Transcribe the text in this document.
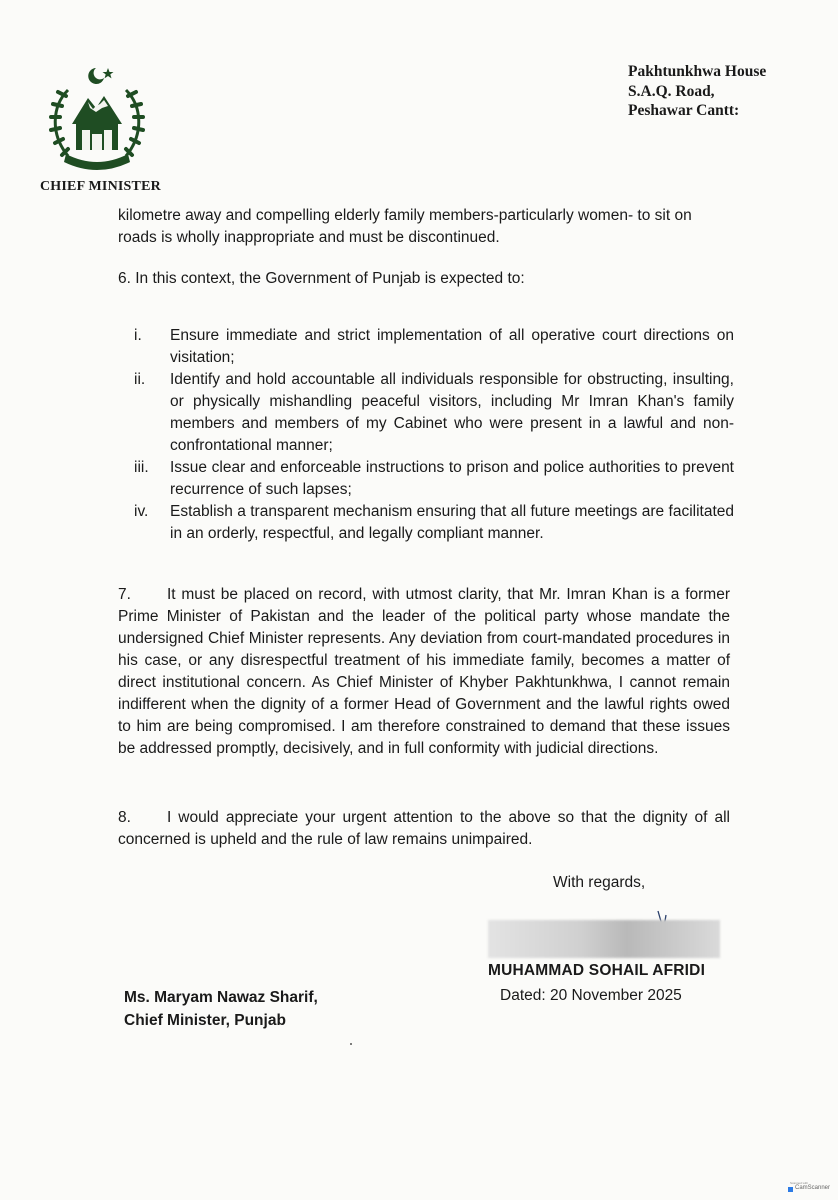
CHIEF MINISTER
Pakhtunkhwa House
S.A.Q. Road,
Peshawar Cantt:

kilometre away and compelling elderly family members-particularly women- to sit on roads is wholly inappropriate and must be discontinued.

6. In this context, the Government of Punjab is expected to:

i. Ensure immediate and strict implementation of all operative court directions on visitation;
ii. Identify and hold accountable all individuals responsible for obstructing, insulting, or physically mishandling peaceful visitors, including Mr Imran Khan's family members and members of my Cabinet who were present in a lawful and non-confrontational manner;
iii. Issue clear and enforceable instructions to prison and police authorities to prevent recurrence of such lapses;
iv. Establish a transparent mechanism ensuring that all future meetings are facilitated in an orderly, respectful, and legally compliant manner.

7. It must be placed on record, with utmost clarity, that Mr. Imran Khan is a former Prime Minister of Pakistan and the leader of the political party whose mandate the undersigned Chief Minister represents. Any deviation from court-mandated procedures in his case, or any disrespectful treatment of his immediate family, becomes a matter of direct institutional concern. As Chief Minister of Khyber Pakhtunkhwa, I cannot remain indifferent when the dignity of a former Head of Government and the lawful rights owed to him are being compromised. I am therefore constrained to demand that these issues be addressed promptly, decisively, and in full conformity with judicial directions.

8. I would appreciate your urgent attention to the above so that the dignity of all concerned is upheld and the rule of law remains unimpaired.

With regards,
MUHAMMAD SOHAIL AFRIDI
Dated: 20 November 2025
Ms. Maryam Nawaz Sharif,
Chief Minister, Punjab
Scanned with
CamScanner
